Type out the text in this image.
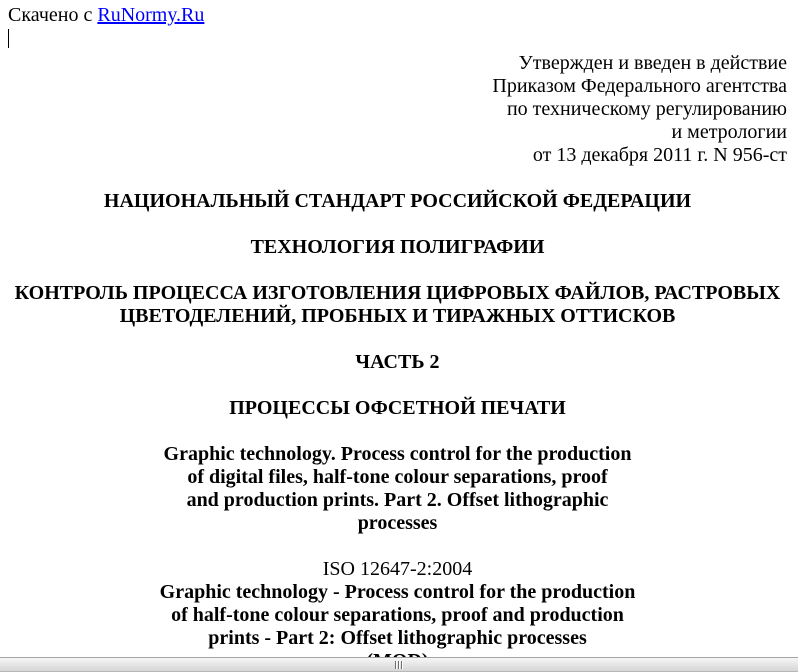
Скачено с RuNormy.Ru
Утвержден и введен в действие
Приказом Федерального агентства
по техническому регулированию
и метрологии
от 13 декабря 2011 г. N 956-ст
НАЦИОНАЛЬНЫЙ СТАНДАРТ РОССИЙСКОЙ ФЕДЕРАЦИИ
ТЕХНОЛОГИЯ ПОЛИГРАФИИ
КОНТРОЛЬ ПРОЦЕССА ИЗГОТОВЛЕНИЯ ЦИФРОВЫХ ФАЙЛОВ, РАСТРОВЫХ
ЦВЕТОДЕЛЕНИЙ, ПРОБНЫХ И ТИРАЖНЫХ ОТТИСКОВ
ЧАСТЬ 2
ПРОЦЕССЫ ОФСЕТНОЙ ПЕЧАТИ
Graphic technology. Process control for the production
of digital files, half-tone colour separations, proof
and production prints. Part 2. Offset lithographic
processes
ISO 12647-2:2004
Graphic technology - Process control for the production
of half-tone colour separations, proof and production
prints - Part 2: Offset lithographic processes
